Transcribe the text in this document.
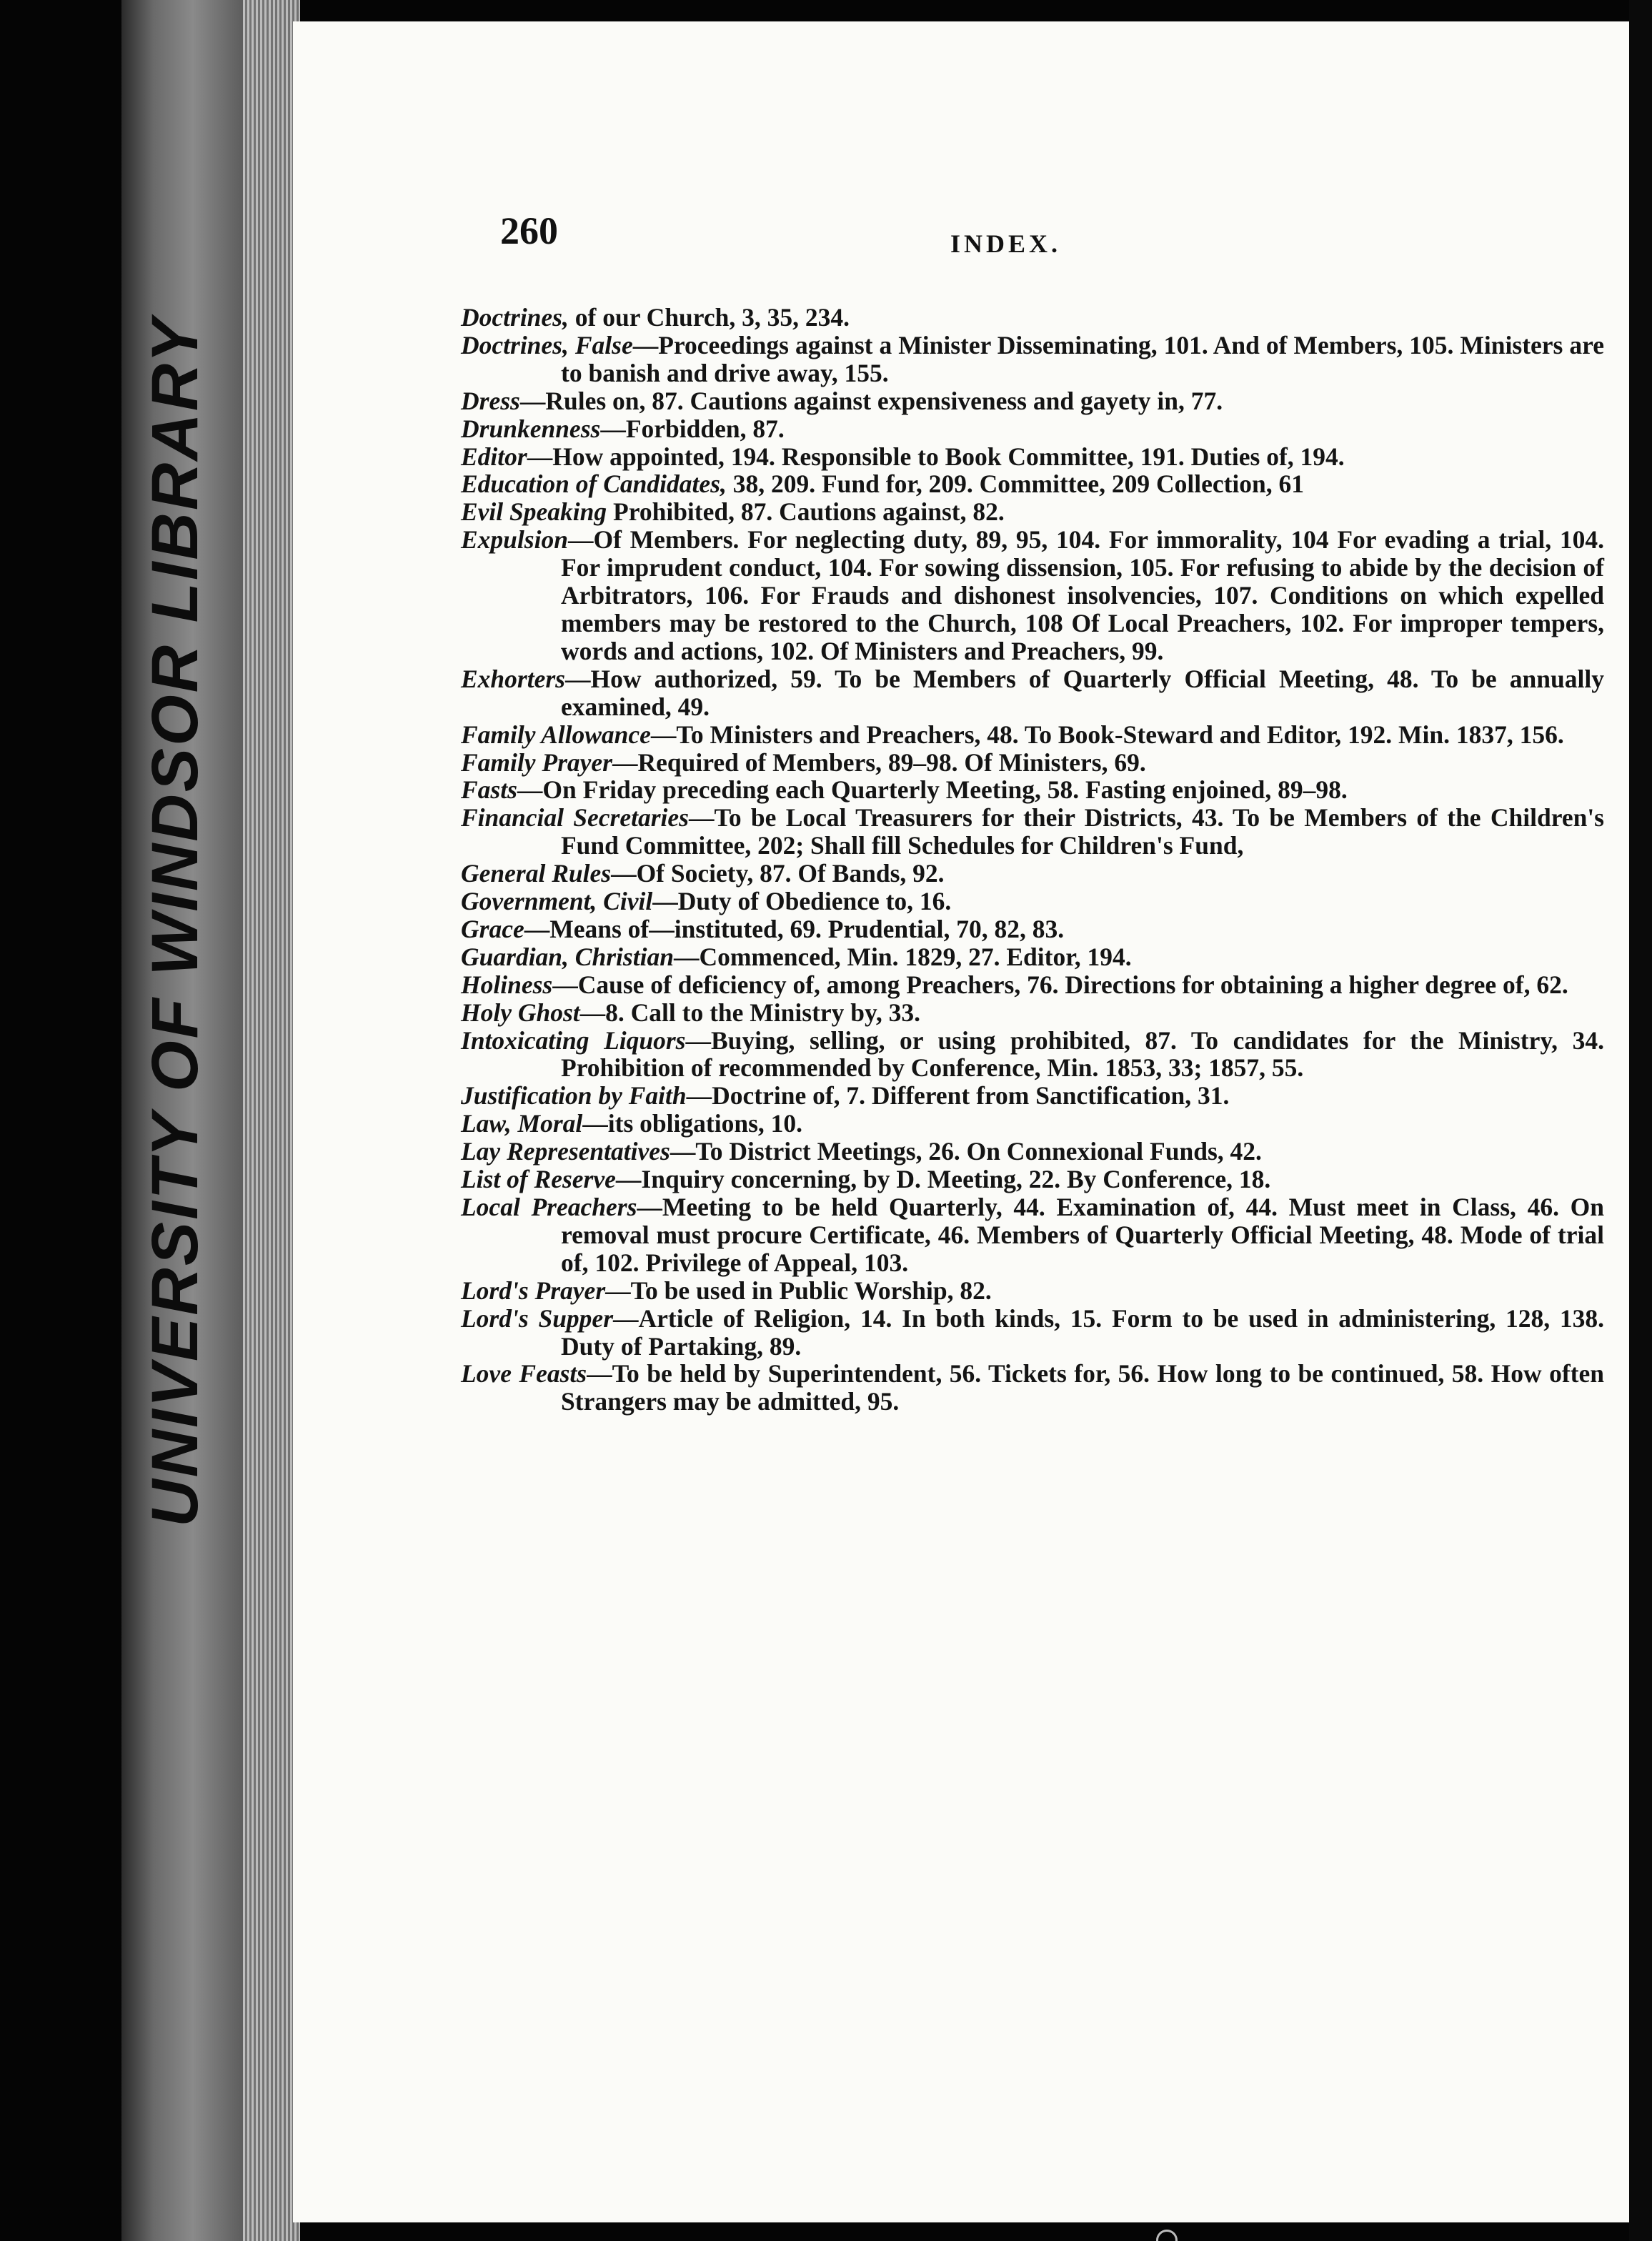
UNIVERSITY OF WINDSOR LIBRARY
260	INDEX.
Doctrines, of our Church, 3, 35, 234.
Doctrines, False—Proceedings against a Minister Disseminating, 101. And of Members, 105. Ministers are to banish and drive away, 155.
Dress—Rules on, 87. Cautions against expensiveness and gayety in, 77.
Drunkenness—Forbidden, 87.
Editor—How appointed, 194. Responsible to Book Committee, 191. Duties of, 194.
Education of Candidates, 38, 209. Fund for, 209. Committee, 209 Collection, 61
Evil Speaking Prohibited, 87. Cautions against, 82.
Expulsion—Of Members. For neglecting duty, 89, 95, 104. For immorality, 104 For evading a trial, 104. For imprudent conduct, 104. For sowing dissension, 105. For refusing to abide by the decision of Arbitrators, 106. For Frauds and dishonest insolvencies, 107. Conditions on which expelled members may be restored to the Church, 108 Of Local Preachers, 102. For improper tempers, words and actions, 102. Of Ministers and Preachers, 99.
Exhorters—How authorized, 59. To be Members of Quarterly Official Meeting, 48. To be annually examined, 49.
Family Allowance—To Ministers and Preachers, 48. To Book-Steward and Editor, 192. Min. 1837, 156.
Family Prayer—Required of Members, 89–98. Of Ministers, 69.
Fasts—On Friday preceding each Quarterly Meeting, 58. Fasting enjoined, 89–98.
Financial Secretaries—To be Local Treasurers for their Districts, 43. To be Members of the Children's Fund Committee, 202; Shall fill Schedules for Children's Fund,
General Rules—Of Society, 87. Of Bands, 92.
Government, Civil—Duty of Obedience to, 16.
Grace—Means of—instituted, 69. Prudential, 70, 82, 83.
Guardian, Christian—Commenced, Min. 1829, 27. Editor, 194.
Holiness—Cause of deficiency of, among Preachers, 76. Directions for obtaining a higher degree of, 62.
Holy Ghost—8. Call to the Ministry by, 33.
Intoxicating Liquors—Buying, selling, or using prohibited, 87. To candidates for the Ministry, 34. Prohibition of recommended by Conference, Min. 1853, 33; 1857, 55.
Justification by Faith—Doctrine of, 7. Different from Sanctification, 31.
Law, Moral—its obligations, 10.
Lay Representatives—To District Meetings, 26. On Connexional Funds, 42.
List of Reserve—Inquiry concerning, by D. Meeting, 22. By Conference, 18.
Local Preachers—Meeting to be held Quarterly, 44. Examination of, 44. Must meet in Class, 46. On removal must procure Certificate, 46. Members of Quarterly Official Meeting, 48. Mode of trial of, 102. Privilege of Appeal, 103.
Lord's Prayer—To be used in Public Worship, 82.
Lord's Supper—Article of Religion, 14. In both kinds, 15. Form to be used in administering, 128, 138. Duty of Partaking, 89.
Love Feasts—To be held by Superintendent, 56. Tickets for, 56. How long to be continued, 58. How often Strangers may be admitted, 95.
